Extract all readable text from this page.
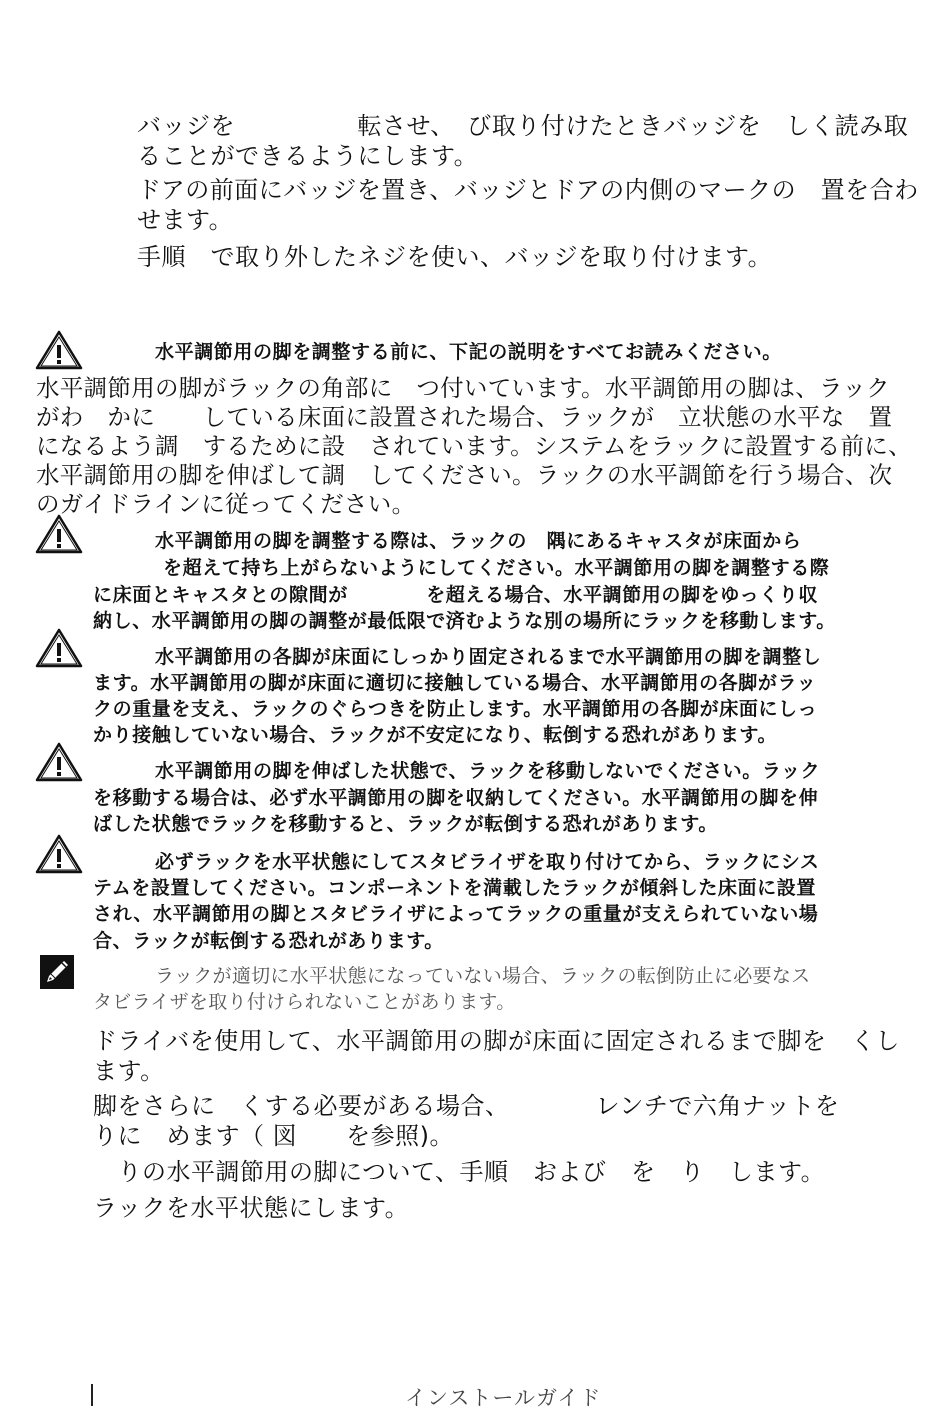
バッジを　　　　　転させ、　び取り付けたときバッジを　しく読み取
ることができるようにします。
ドアの前面にバッジを置き、バッジとドアの内側のマークの　置を合わ
せます。
手順　で取り外したネジを使い、バッジを取り付けます。
水平調節用の脚を調整する前に、下記の説明をすべてお読みください。
水平調節用の脚がラックの角部に　つ付いています。水平調節用の脚は、ラック
がわ　かに　　している床面に設置された場合、ラックが　立状態の水平な　置
になるよう調　するために設　されています。システムをラックに設置する前に、
水平調節用の脚を伸ばして調　してください。ラックの水平調節を行う場合、次
のガイドラインに従ってください。
水平調節用の脚を調整する際は、ラックの　隅にあるキャスタが床面から
を超えて持ち上がらないようにしてください。水平調節用の脚を調整する際
に床面とキャスタとの隙間が　　　　を超える場合、水平調節用の脚をゆっくり収
納し、水平調節用の脚の調整が最低限で済むような別の場所にラックを移動します。
水平調節用の各脚が床面にしっかり固定されるまで水平調節用の脚を調整し
ます。水平調節用の脚が床面に適切に接触している場合、水平調節用の各脚がラッ
クの重量を支え、ラックのぐらつきを防止します。水平調節用の各脚が床面にしっ
かり接触していない場合、ラックが不安定になり、転倒する恐れがあります。
水平調節用の脚を伸ばした状態で、ラックを移動しないでください。ラック
を移動する場合は、必ず水平調節用の脚を収納してください。水平調節用の脚を伸
ばした状態でラックを移動すると、ラックが転倒する恐れがあります。
必ずラックを水平状態にしてスタビライザを取り付けてから、ラックにシス
テムを設置してください。コンポーネントを満載したラックが傾斜した床面に設置
され、水平調節用の脚とスタビライザによってラックの重量が支えられていない場
合、ラックが転倒する恐れがあります。
ラックが適切に水平状態になっていない場合、ラックの転倒防止に必要なス
タビライザを取り付けられないことがあります。
ドライバを使用して、水平調節用の脚が床面に固定されるまで脚を　くし
ます。
脚をさらに　くする必要がある場合、　　　　レンチで六角ナットを
りに　めます（ 図　　を参照)。
　りの水平調節用の脚について、手順　および　を　り　します。
ラックを水平状態にします。
インストールガイド
